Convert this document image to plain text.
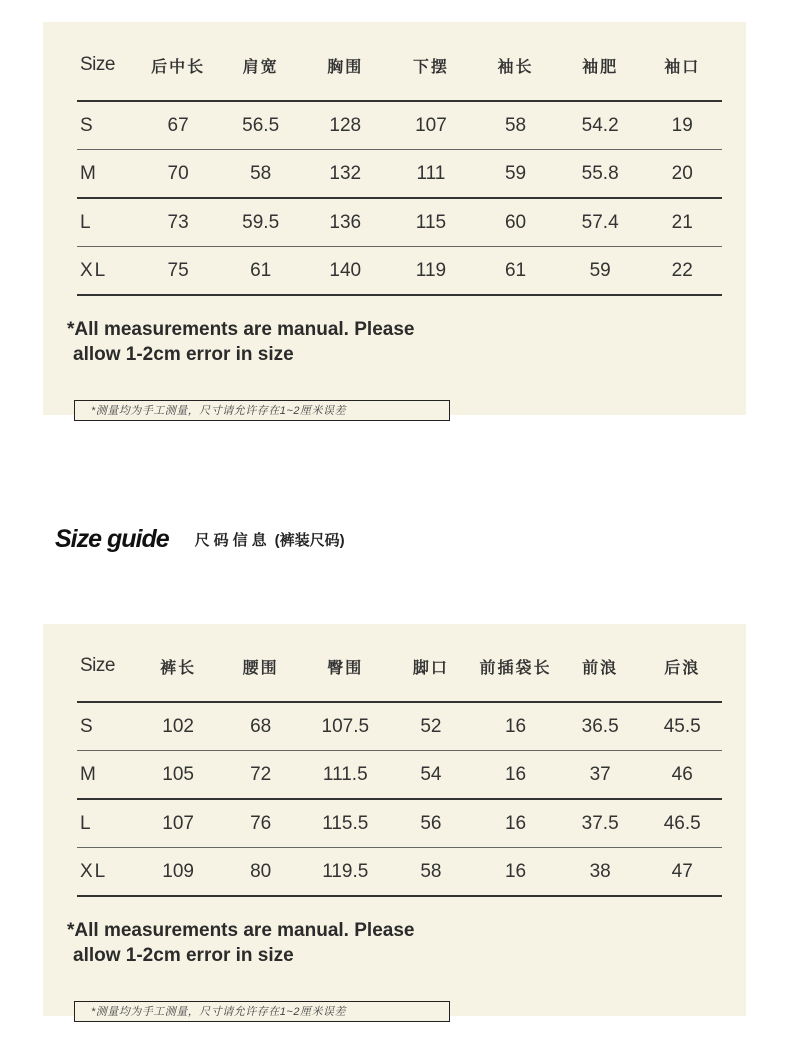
Size	后中长	肩宽	胸围	下摆	袖长	袖肥	袖口
S	67	56.5	128	107	58	54.2	19
M	70	58	132	111	59	55.8	20
L	73	59.5	136	115	60	57.4	21
XL	75	61	140	119	61	59	22
*All measurements are manual. Please
allow 1-2cm error in size
*测量均为手工测量，尺寸请允许存在1~2厘米误差
Size guide 尺码信息 (裤装尺码)
Size	裤长	腰围	臀围	脚口	前插袋长	前浪	后浪
S	102	68	107.5	52	16	36.5	45.5
M	105	72	111.5	54	16	37	46
L	107	76	115.5	56	16	37.5	46.5
XL	109	80	119.5	58	16	38	47
*All measurements are manual. Please
allow 1-2cm error in size
*测量均为手工测量，尺寸请允许存在1~2厘米误差
